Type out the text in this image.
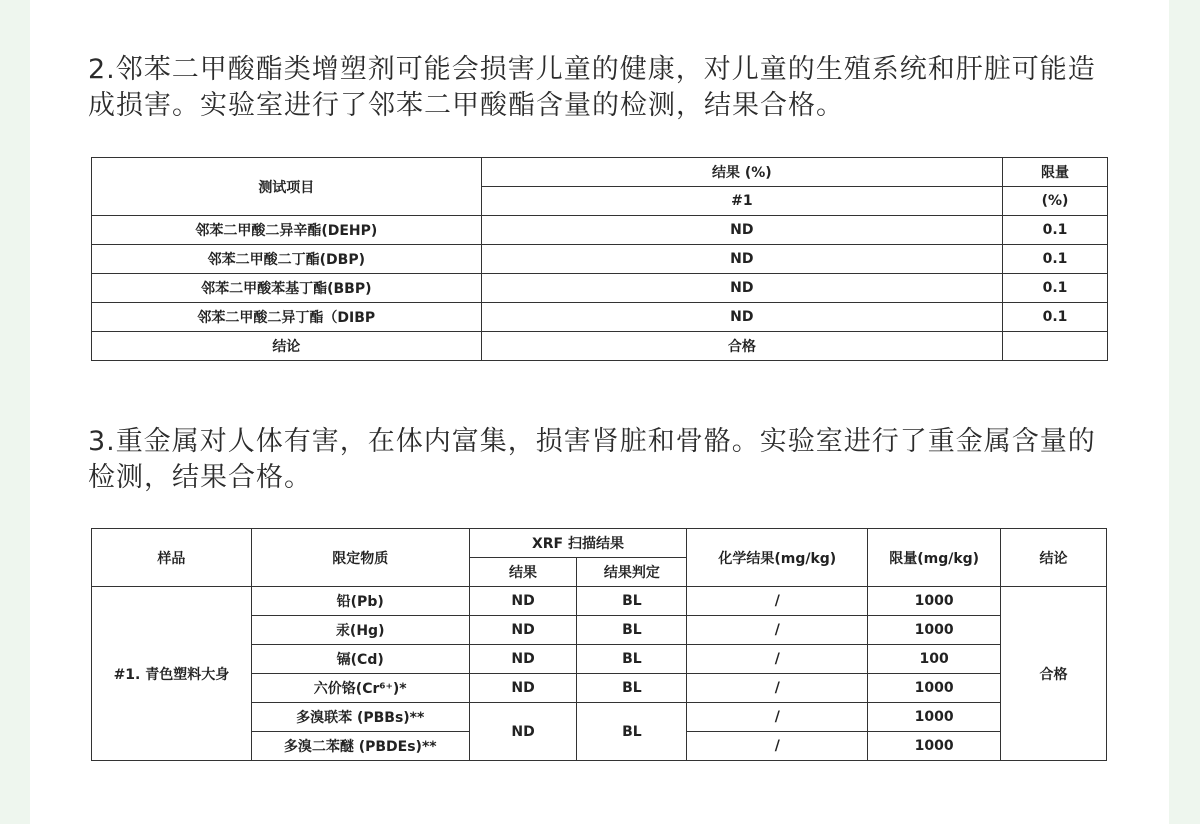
2.邻苯二甲酸酯类增塑剂可能会损害儿童的健康，对儿童的生殖系统和肝脏可能造成损害。实验室进行了邻苯二甲酸酯含量的检测，结果合格。
测试项目	结果 (%)	限量
	#1	(%)
邻苯二甲酸二异辛酯(DEHP)	ND	0.1
邻苯二甲酸二丁酯(DBP)	ND	0.1
邻苯二甲酸苯基丁酯(BBP)	ND	0.1
邻苯二甲酸二异丁酯（DIBP	ND	0.1
结论	合格	
3.重金属对人体有害，在体内富集，损害肾脏和骨骼。实验室进行了重金属含量的检测，结果合格。
样品	限定物质	XRF 扫描结果		化学结果(mg/kg)	限量(mg/kg)	结论
		结果	结果判定			
#1. 青色塑料大身	铅(Pb)	ND	BL	/	1000	合格
	汞(Hg)	ND	BL	/	1000	
	镉(Cd)	ND	BL	/	100	
	六价铬(Cr⁶⁺)*	ND	BL	/	1000	
	多溴联苯 (PBBs)**	ND	BL	/	1000	
	多溴二苯醚 (PBDEs)**			/	1000	
